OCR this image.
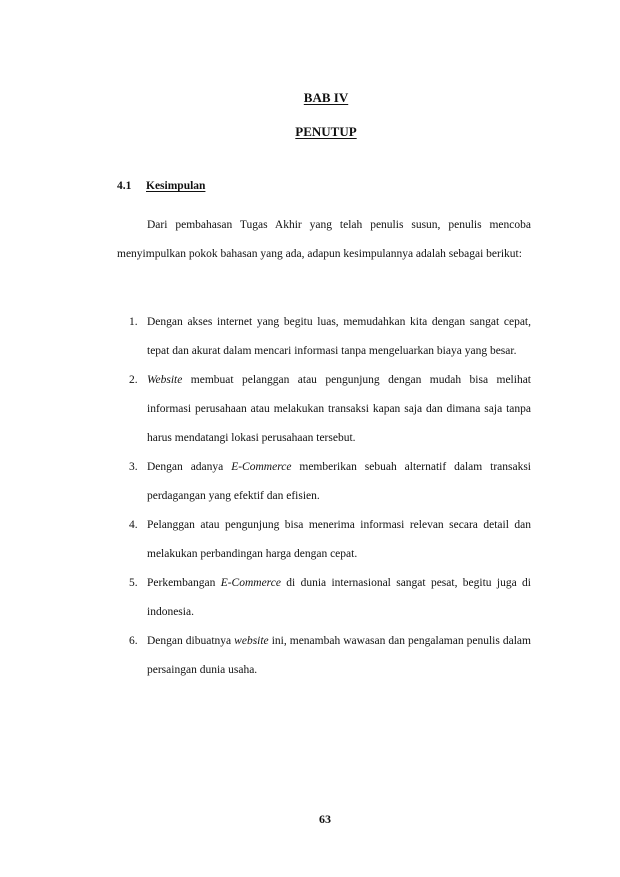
BAB IV
PENUTUP
4.1 Kesimpulan

Dari pembahasan Tugas Akhir yang telah penulis susun, penulis mencoba menyimpulkan pokok bahasan yang ada, adapun kesimpulannya adalah sebagai berikut:

1. Dengan akses internet yang begitu luas, memudahkan kita dengan sangat cepat, tepat dan akurat dalam mencari informasi tanpa mengeluarkan biaya yang besar.
2. Website membuat pelanggan atau pengunjung dengan mudah bisa melihat informasi perusahaan atau melakukan transaksi kapan saja dan dimana saja tanpa harus mendatangi lokasi perusahaan tersebut.
3. Dengan adanya E-Commerce memberikan sebuah alternatif dalam transaksi perdagangan yang efektif dan efisien.
4. Pelanggan atau pengunjung bisa menerima informasi relevan secara detail dan melakukan perbandingan harga dengan cepat.
5. Perkembangan E-Commerce di dunia internasional sangat pesat, begitu juga di indonesia.
6. Dengan dibuatnya website ini, menambah wawasan dan pengalaman penulis dalam persaingan dunia usaha.
63
